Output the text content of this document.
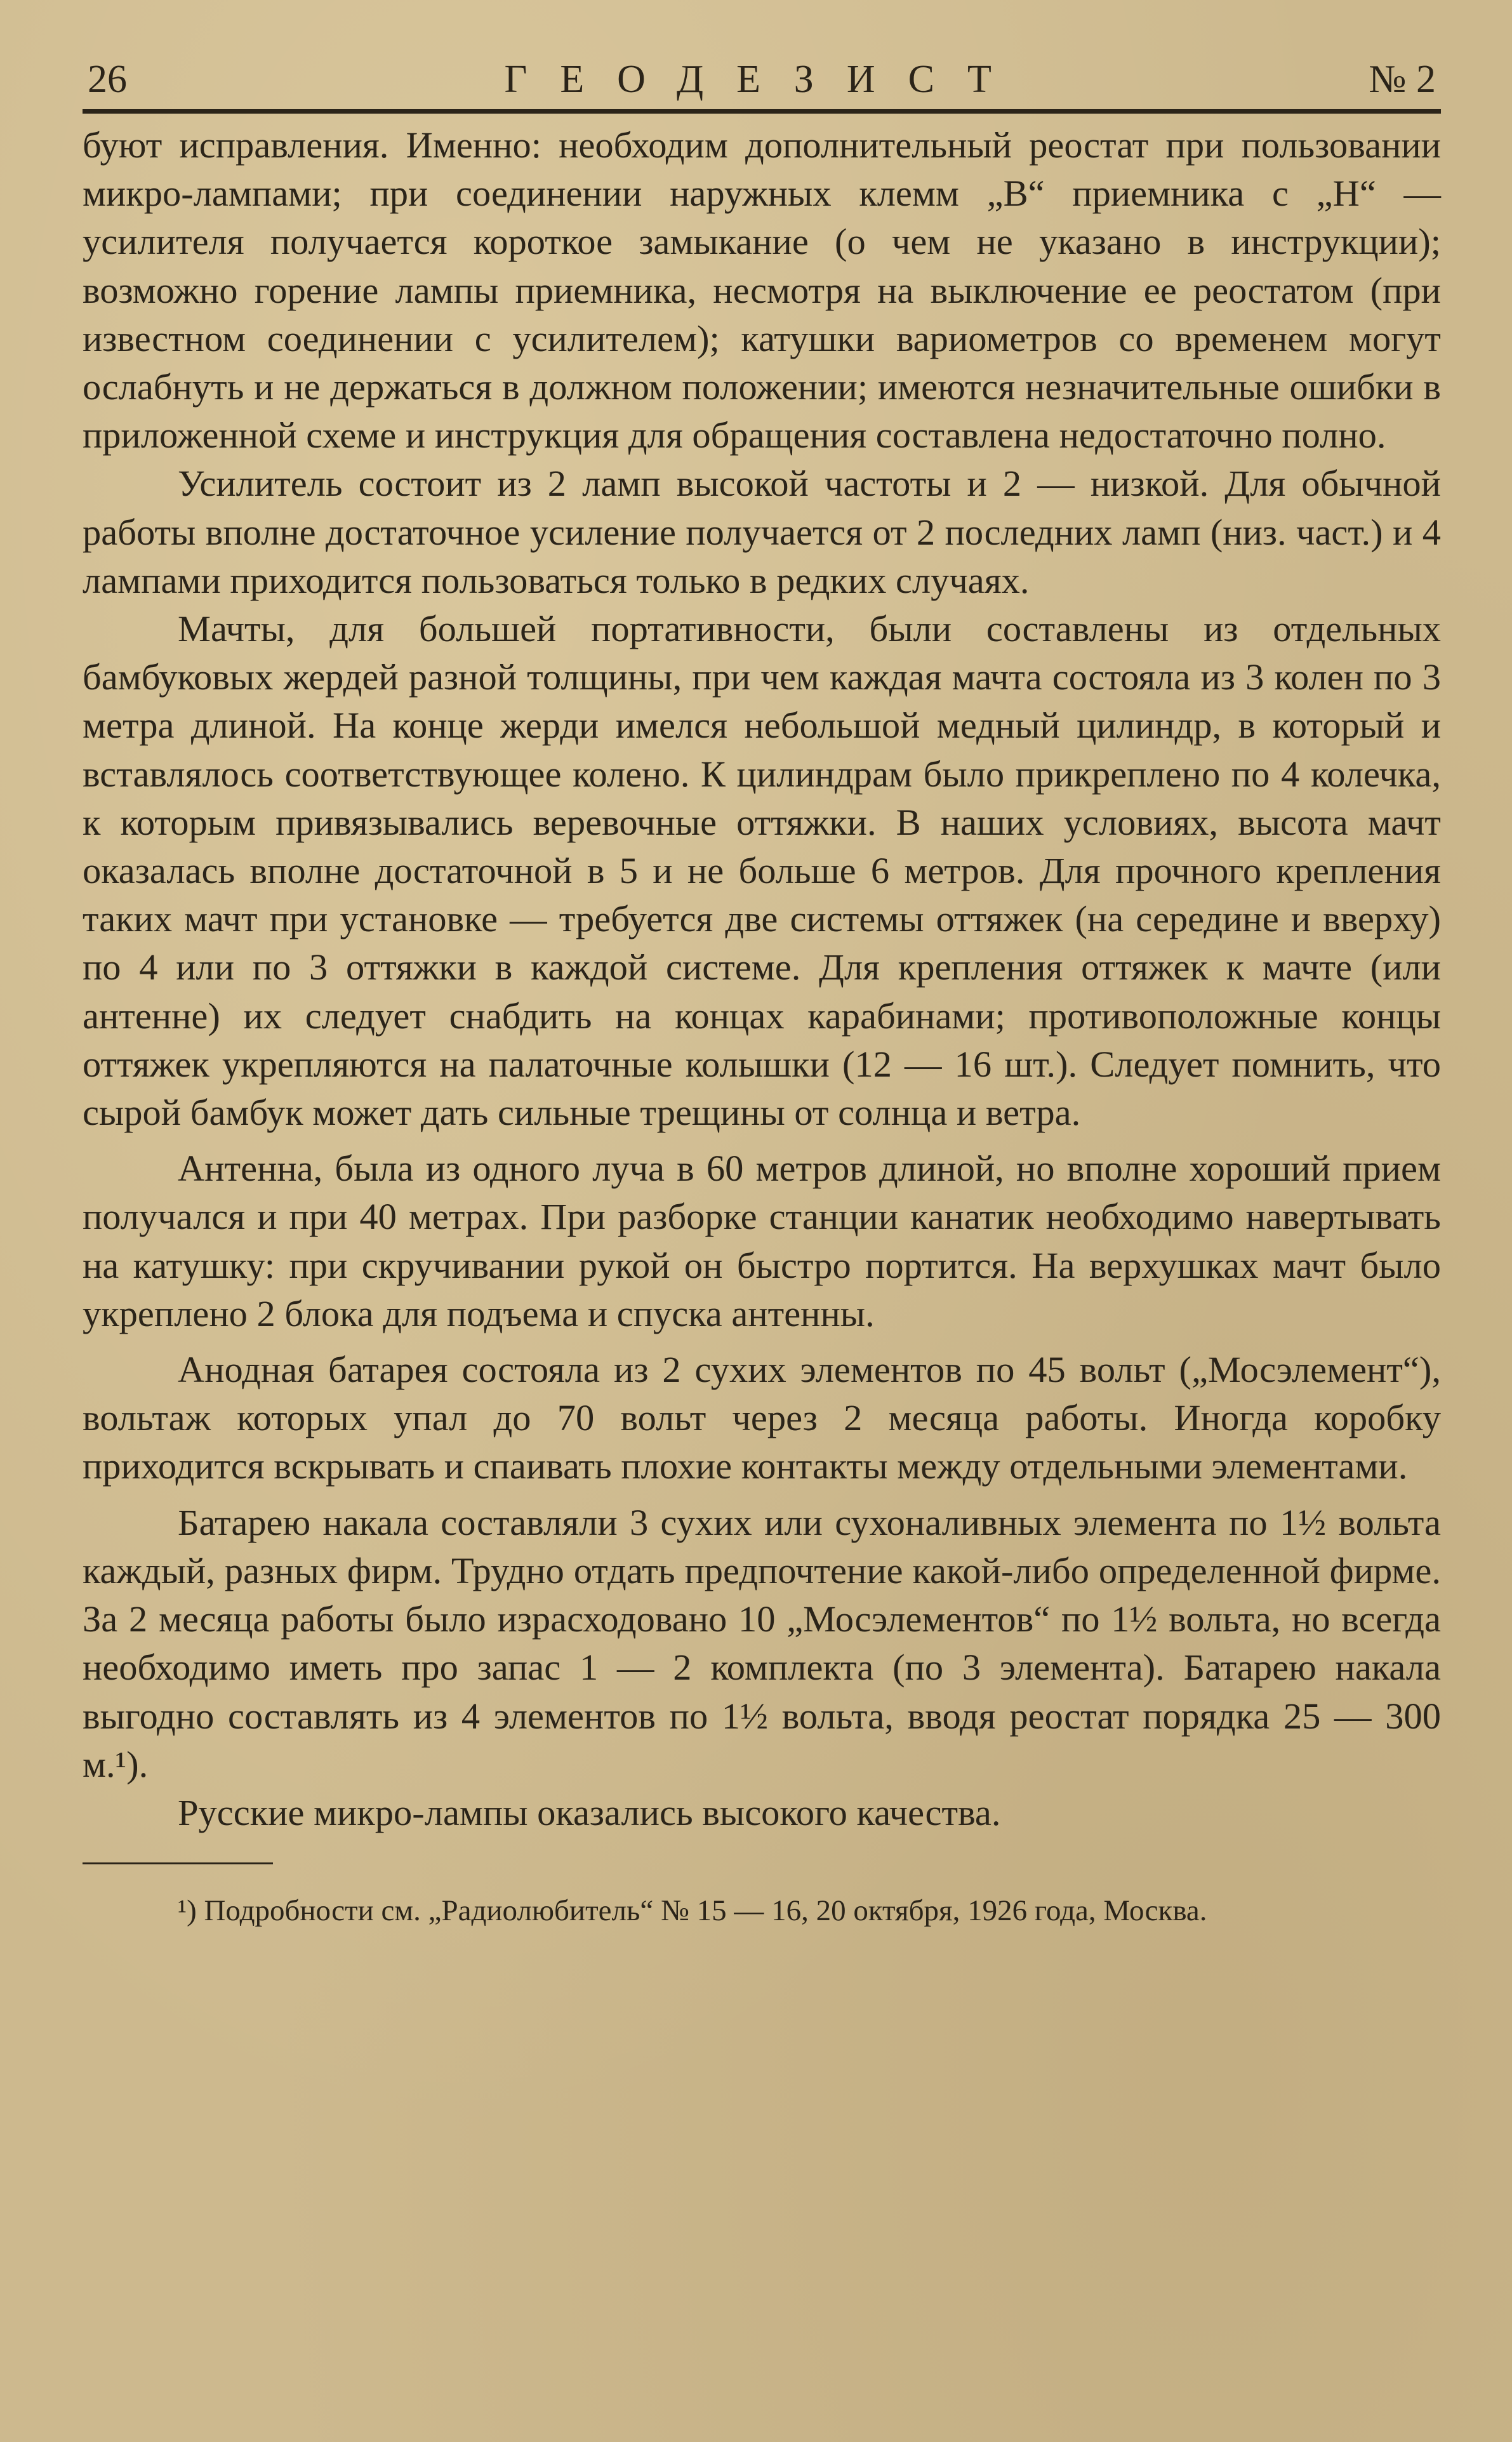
26	ГЕОДЕЗИСТ	№ 2

буют исправления. Именно: необходим дополнительный реостат при пользовании микро-лампами; при соединении наружных клемм „B“ приемника с „H“ — усилителя получается короткое замыкание (о чем не указано в инструкции); возможно горение лампы приемника, несмотря на выключение ее реостатом (при известном соединении с усилителем); катушки вариометров со временем могут ослабнуть и не держаться в должном положении; имеются незначительные ошибки в приложенной схеме и инструкция для обращения составлена недостаточно полно.

Усилитель состоит из 2 ламп высокой частоты и 2 — низкой. Для обычной работы вполне достаточное усиление получается от 2 последних ламп (низ. част.) и 4 лампами приходится пользоваться только в редких случаях.

Мачты, для большей портативности, были составлены из отдельных бамбуковых жердей разной толщины, при чем каждая мачта состояла из 3 колен по 3 метра длиной. На конце жерди имелся небольшой медный цилиндр, в который и вставлялось соответствующее колено. К цилиндрам было прикреплено по 4 колечка, к которым привязывались веревочные оттяжки. В наших условиях, высота мачт оказалась вполне достаточной в 5 и не больше 6 метров. Для прочного крепления таких мачт при установке — требуется две системы оттяжек (на середине и вверху) по 4 или по 3 оттяжки в каждой системе. Для крепления оттяжек к мачте (или антенне) их следует снабдить на концах карабинами; противоположные концы оттяжек укрепляются на палаточные колышки (12 — 16 шт.). Следует помнить, что сырой бамбук может дать сильные трещины от солнца и ветра.

Антенна, была из одного луча в 60 метров длиной, но вполне хороший прием получался и при 40 метрах. При разборке станции канатик необходимо навертывать на катушку: при скручивании рукой он быстро портится. На верхушках мачт было укреплено 2 блока для подъема и спуска антенны.

Анодная батарея состояла из 2 сухих элементов по 45 вольт („Мосэлемент“), вольтаж которых упал до 70 вольт через 2 месяца работы. Иногда коробку приходится вскрывать и спаивать плохие контакты между отдельными элементами.

Батарею накала составляли 3 сухих или сухоналивных элемента по 1½ вольта каждый, разных фирм. Трудно отдать предпочтение какой-либо определенной фирме. За 2 месяца работы было израсходовано 10 „Мосэлементов“ по 1½ вольта, но всегда необходимо иметь про запас 1 — 2 комплекта (по 3 элемента). Батарею накала выгодно составлять из 4 элементов по 1½ вольта, вводя реостат порядка 25 — 300 м.¹).

Русские микро-лампы оказались высокого качества.

¹) Подробности см. „Радиолюбитель“ № 15 — 16, 20 октября, 1926 года, Москва.
